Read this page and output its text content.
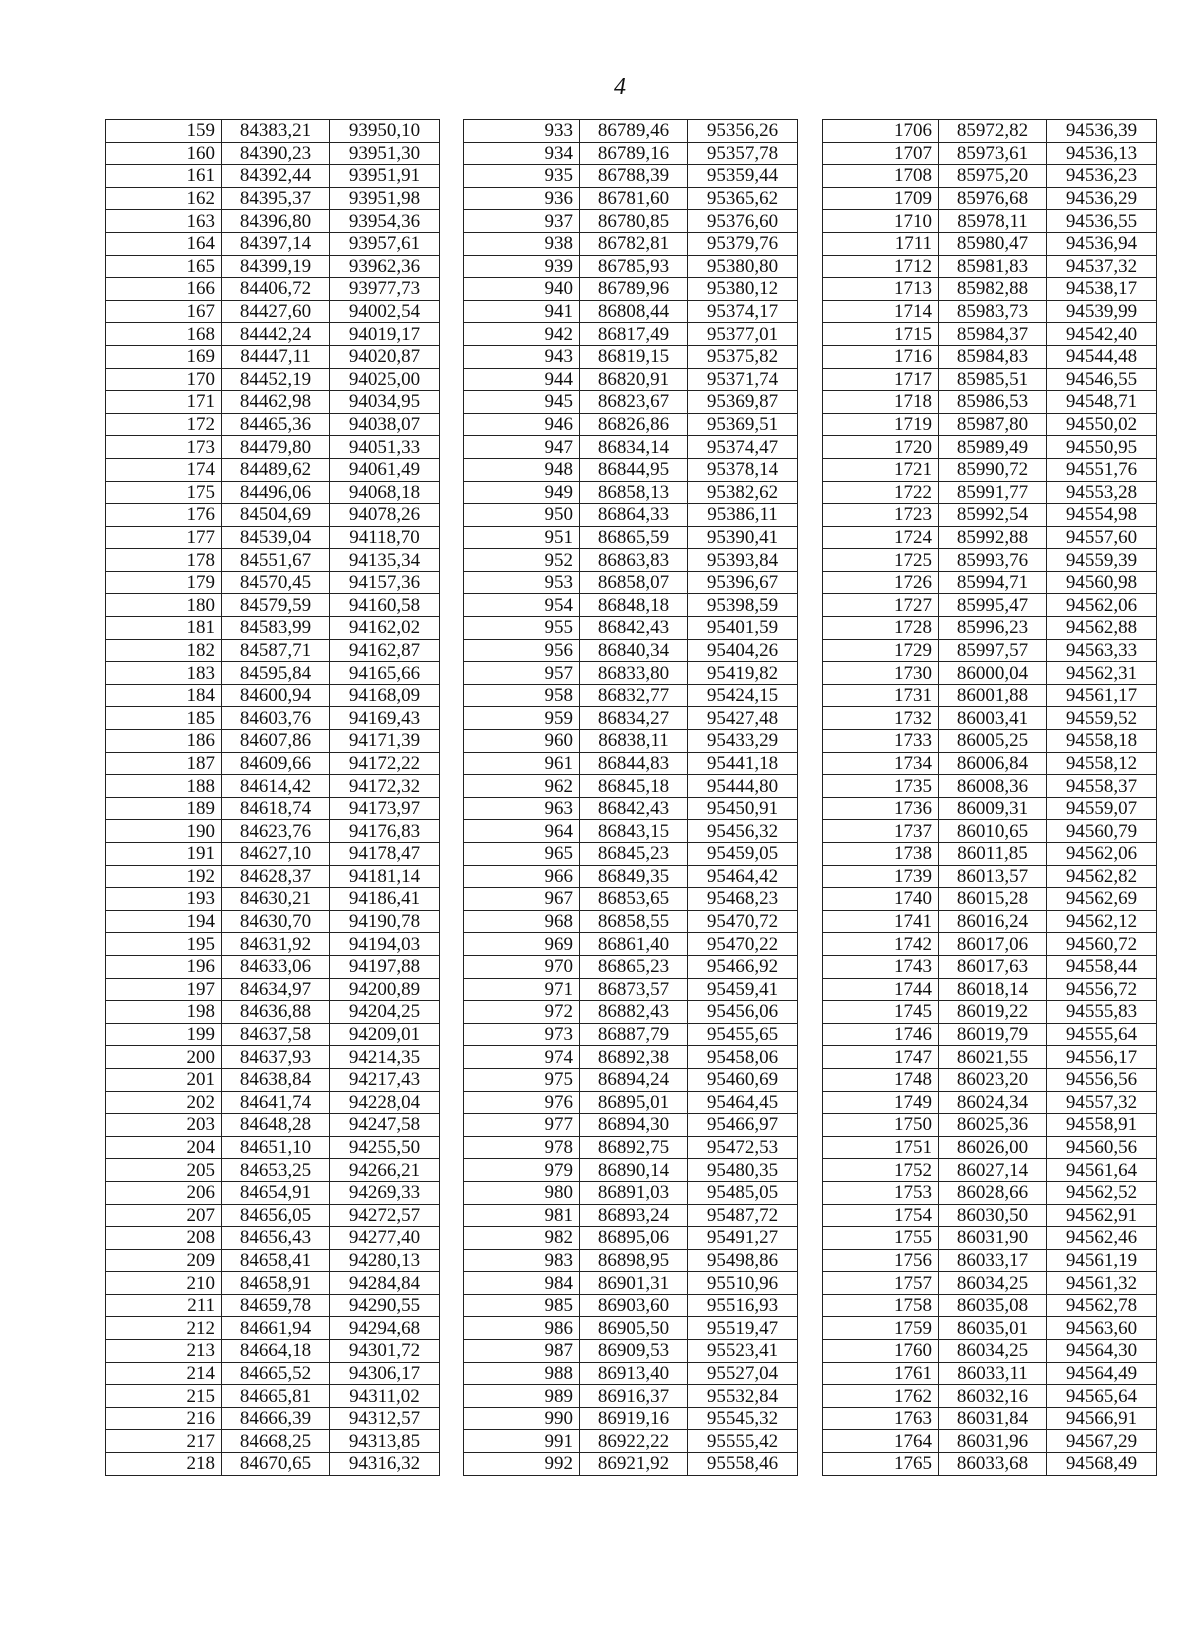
4
159	84383,21	93950,10
160	84390,23	93951,30
161	84392,44	93951,91
162	84395,37	93951,98
163	84396,80	93954,36
164	84397,14	93957,61
165	84399,19	93962,36
166	84406,72	93977,73
167	84427,60	94002,54
168	84442,24	94019,17
169	84447,11	94020,87
170	84452,19	94025,00
171	84462,98	94034,95
172	84465,36	94038,07
173	84479,80	94051,33
174	84489,62	94061,49
175	84496,06	94068,18
176	84504,69	94078,26
177	84539,04	94118,70
178	84551,67	94135,34
179	84570,45	94157,36
180	84579,59	94160,58
181	84583,99	94162,02
182	84587,71	94162,87
183	84595,84	94165,66
184	84600,94	94168,09
185	84603,76	94169,43
186	84607,86	94171,39
187	84609,66	94172,22
188	84614,42	94172,32
189	84618,74	94173,97
190	84623,76	94176,83
191	84627,10	94178,47
192	84628,37	94181,14
193	84630,21	94186,41
194	84630,70	94190,78
195	84631,92	94194,03
196	84633,06	94197,88
197	84634,97	94200,89
198	84636,88	94204,25
199	84637,58	94209,01
200	84637,93	94214,35
201	84638,84	94217,43
202	84641,74	94228,04
203	84648,28	94247,58
204	84651,10	94255,50
205	84653,25	94266,21
206	84654,91	94269,33
207	84656,05	94272,57
208	84656,43	94277,40
209	84658,41	94280,13
210	84658,91	94284,84
211	84659,78	94290,55
212	84661,94	94294,68
213	84664,18	94301,72
214	84665,52	94306,17
215	84665,81	94311,02
216	84666,39	94312,57
217	84668,25	94313,85
218	84670,65	94316,32
933	86789,46	95356,26
934	86789,16	95357,78
935	86788,39	95359,44
936	86781,60	95365,62
937	86780,85	95376,60
938	86782,81	95379,76
939	86785,93	95380,80
940	86789,96	95380,12
941	86808,44	95374,17
942	86817,49	95377,01
943	86819,15	95375,82
944	86820,91	95371,74
945	86823,67	95369,87
946	86826,86	95369,51
947	86834,14	95374,47
948	86844,95	95378,14
949	86858,13	95382,62
950	86864,33	95386,11
951	86865,59	95390,41
952	86863,83	95393,84
953	86858,07	95396,67
954	86848,18	95398,59
955	86842,43	95401,59
956	86840,34	95404,26
957	86833,80	95419,82
958	86832,77	95424,15
959	86834,27	95427,48
960	86838,11	95433,29
961	86844,83	95441,18
962	86845,18	95444,80
963	86842,43	95450,91
964	86843,15	95456,32
965	86845,23	95459,05
966	86849,35	95464,42
967	86853,65	95468,23
968	86858,55	95470,72
969	86861,40	95470,22
970	86865,23	95466,92
971	86873,57	95459,41
972	86882,43	95456,06
973	86887,79	95455,65
974	86892,38	95458,06
975	86894,24	95460,69
976	86895,01	95464,45
977	86894,30	95466,97
978	86892,75	95472,53
979	86890,14	95480,35
980	86891,03	95485,05
981	86893,24	95487,72
982	86895,06	95491,27
983	86898,95	95498,86
984	86901,31	95510,96
985	86903,60	95516,93
986	86905,50	95519,47
987	86909,53	95523,41
988	86913,40	95527,04
989	86916,37	95532,84
990	86919,16	95545,32
991	86922,22	95555,42
992	86921,92	95558,46
1706	85972,82	94536,39
1707	85973,61	94536,13
1708	85975,20	94536,23
1709	85976,68	94536,29
1710	85978,11	94536,55
1711	85980,47	94536,94
1712	85981,83	94537,32
1713	85982,88	94538,17
1714	85983,73	94539,99
1715	85984,37	94542,40
1716	85984,83	94544,48
1717	85985,51	94546,55
1718	85986,53	94548,71
1719	85987,80	94550,02
1720	85989,49	94550,95
1721	85990,72	94551,76
1722	85991,77	94553,28
1723	85992,54	94554,98
1724	85992,88	94557,60
1725	85993,76	94559,39
1726	85994,71	94560,98
1727	85995,47	94562,06
1728	85996,23	94562,88
1729	85997,57	94563,33
1730	86000,04	94562,31
1731	86001,88	94561,17
1732	86003,41	94559,52
1733	86005,25	94558,18
1734	86006,84	94558,12
1735	86008,36	94558,37
1736	86009,31	94559,07
1737	86010,65	94560,79
1738	86011,85	94562,06
1739	86013,57	94562,82
1740	86015,28	94562,69
1741	86016,24	94562,12
1742	86017,06	94560,72
1743	86017,63	94558,44
1744	86018,14	94556,72
1745	86019,22	94555,83
1746	86019,79	94555,64
1747	86021,55	94556,17
1748	86023,20	94556,56
1749	86024,34	94557,32
1750	86025,36	94558,91
1751	86026,00	94560,56
1752	86027,14	94561,64
1753	86028,66	94562,52
1754	86030,50	94562,91
1755	86031,90	94562,46
1756	86033,17	94561,19
1757	86034,25	94561,32
1758	86035,08	94562,78
1759	86035,01	94563,60
1760	86034,25	94564,30
1761	86033,11	94564,49
1762	86032,16	94565,64
1763	86031,84	94566,91
1764	86031,96	94567,29
1765	86033,68	94568,49
